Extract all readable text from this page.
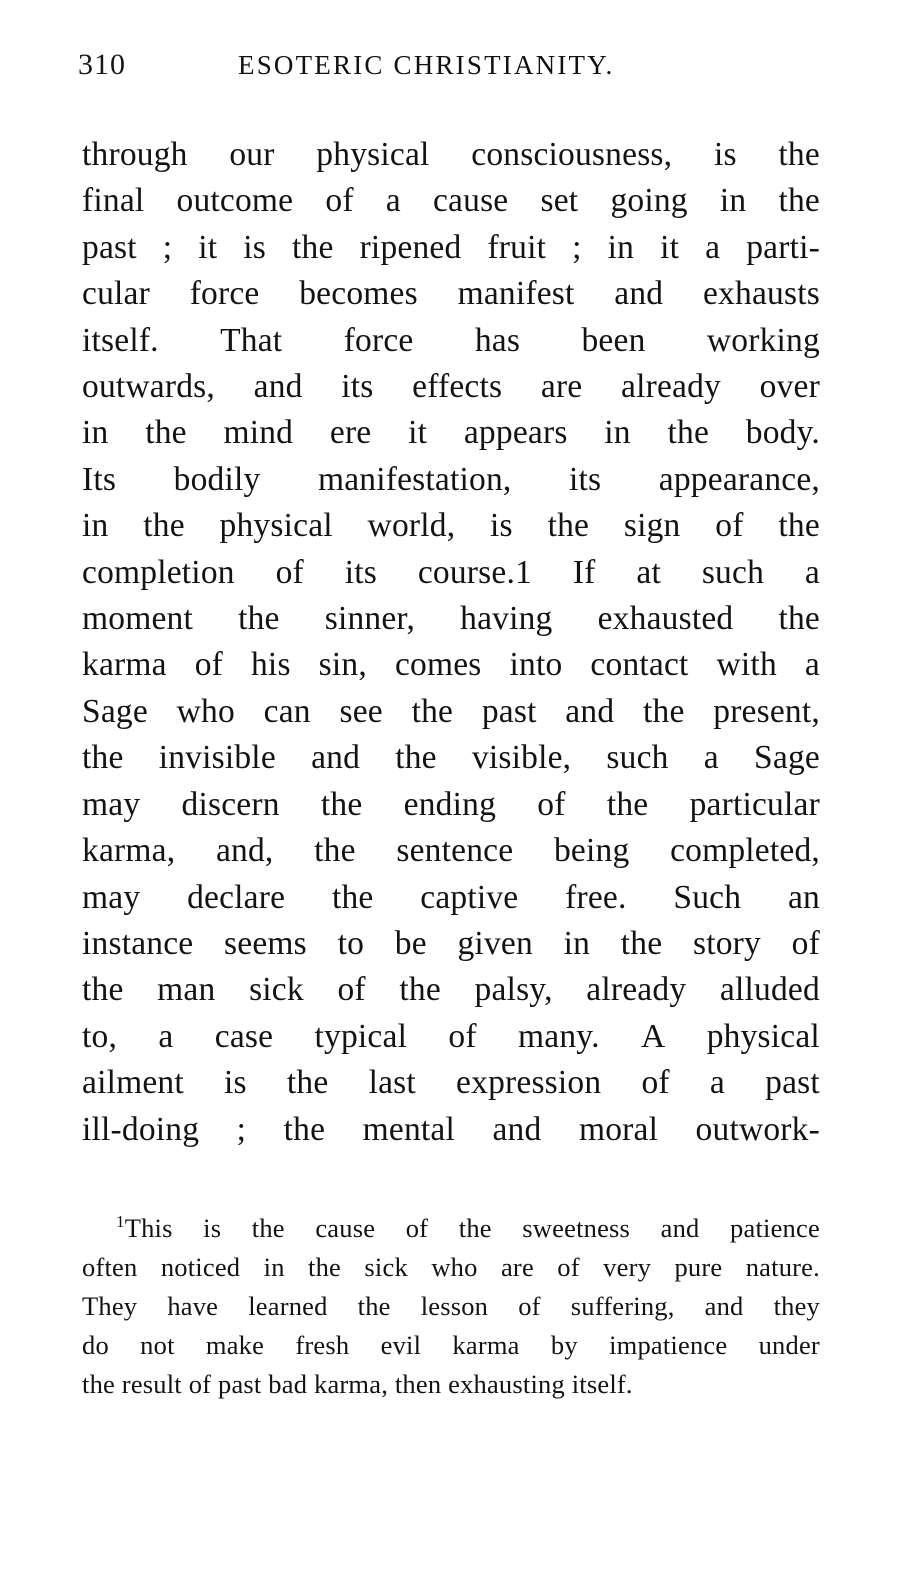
310	ESOTERIC CHRISTIANITY.

through our physical consciousness, is the
final outcome of a cause set going in the
past ; it is the ripened fruit ; in it a parti-
cular force becomes manifest and exhausts
itself. That force has been working
outwards, and its effects are already over
in the mind ere it appears in the body.
Its bodily manifestation, its appearance,
in the physical world, is the sign of the
completion of its course.1 If at such a
moment the sinner, having exhausted the
karma of his sin, comes into contact with a
Sage who can see the past and the present,
the invisible and the visible, such a Sage
may discern the ending of the particular
karma, and, the sentence being completed,
may declare the captive free. Such an
instance seems to be given in the story of
the man sick of the palsy, already alluded
to, a case typical of many. A physical
ailment is the last expression of a past
ill-doing ; the mental and moral outwork-

$^1$This is the cause of the sweetness and patience
often noticed in the sick who are of very pure nature.
They have learned the lesson of suffering, and they
do not make fresh evil karma by impatience under
the result of past bad karma, then exhausting itself.
